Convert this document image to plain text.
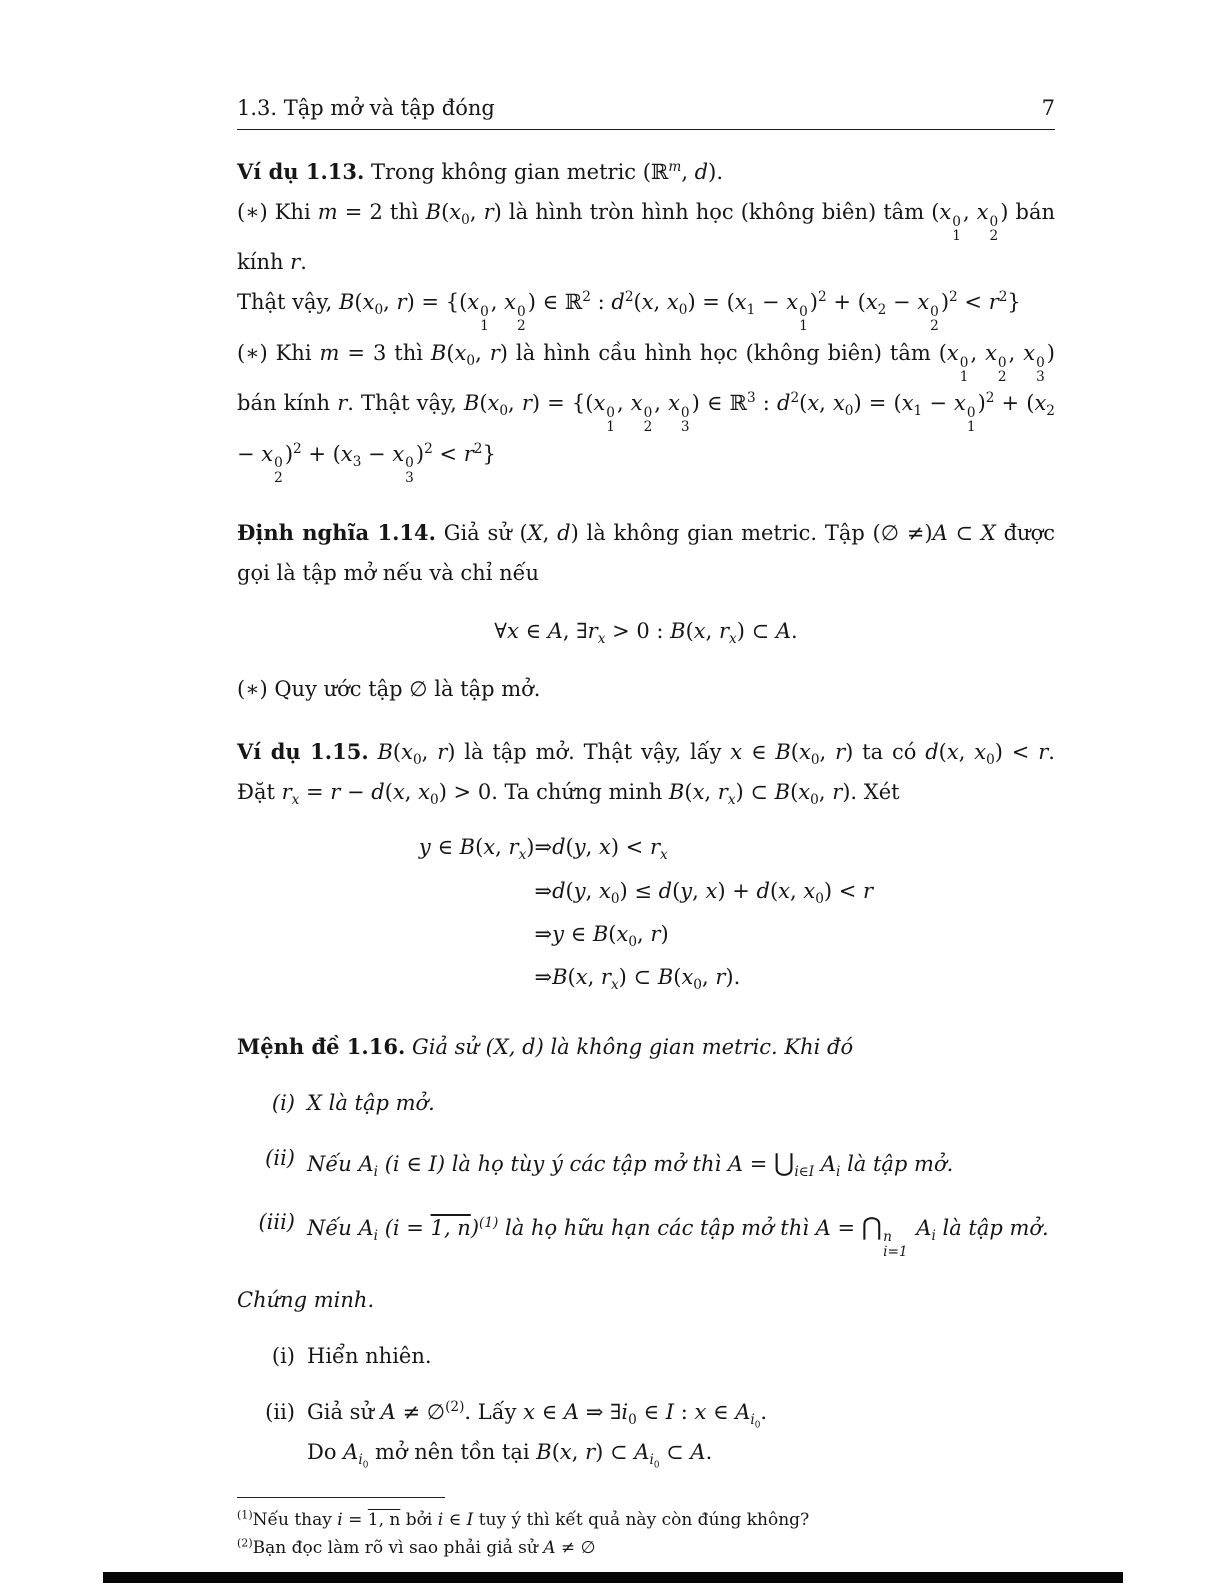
1.3. Tập mở và tập đóng	7

Ví dụ 1.13. Trong không gian metric (ℝ$^m$, d).

(∗) Khi m = 2 thì $B(x_0$, r) là hình tròn hình học (không biên) tâm (x 0
1
, x 0
2
) bán kính r.

Thật vậy, $B(x_0$, r) = {(x 0
1
, x 0
2
) ∈ ℝ$^2$ : $d^2(x$, $x_0) = (x_1 - x$ 0
1
)$^2 + (x_2 - x$ 0
2
)$^2 < r^2$}

(∗) Khi m = 3 thì $B(x_0$, r) là hình cầu hình học (không biên) tâm (x 0
1
, x 0
2
, x 0
3
) bán kính r. Thật vậy, $B(x_0$, r) = {(x 0
1
, x 0
2
, x 0
3
) ∈ ℝ$^3$ : $d^2(x$, $x_0) = (x_1 - x$ 0
1
)$^2 + (x_2 - x$ 0
2
)$^2 + (x_3 - x$ 0
3
)$^2 < r^2$}

Định nghĩa 1.14. Giả sử (X, d) là không gian metric. Tập (∅ ≠)A ⊂ X được gọi là tập mở nếu và chỉ nếu

∀x ∈ A, $\exists r_x > 0$ : B(x, $r_x$) ⊂ A.

(∗) Quy ước tập ∅ là tập mở.

Ví dụ 1.15. $B(x_0$, r) là tập mở. Thật vậy, lấy x ∈ $B(x_0$, r) ta có d(x, $x_0) < r$. Đặt $r_x = r - d(x$, $x_0) > 0$. Ta chứng minh B(x, $r_x$) ⊂ $B(x_0$, r). Xét

y ∈ B(x, $r_x$) ⇒d(y, $x) < r_x$
⇒d(y, $x_0) \le d(y$, x) + d(x, $x_0) < r$
⇒y ∈ $B(x_0$, r)
⇒B(x, $r_x$) ⊂ $B(x_0$, r).

Mệnh đề 1.16. Giả sử (X, d) là không gian metric. Khi đó

(i) X là tập mở.
(ii) Nếu $A_i$ (i ∈ I) là họ tùy ý các tập mở thì $A = ⋃_{i\in I}$ $A_i$ là tập mở.
(iii) Nếu $A_i$ (i = 1, n)$^{(1)}$ là họ hữu hạn các tập mở thì A = ⋂ n
i=1
$A_i$ là tập mở.

Chứng minh.

(i) Hiển nhiên.
(ii) Giả sử A ≠ ∅$^{(2)}$. Lấy x ∈ A ⇒ $\exists i_0$ ∈ I : x ∈ $A_{i_0}$.
Do $A_{i_0}$ mở nên tồn tại B(x, r) ⊂ $A_{i_0}$ ⊂ A.
$^{(1)}$Nếu thay i = 1, n bởi i ∈ I tuy ý thì kết quả này còn đúng không?
$^{(2)}$Bạn đọc làm rõ vì sao phải giả sử A ≠ ∅
